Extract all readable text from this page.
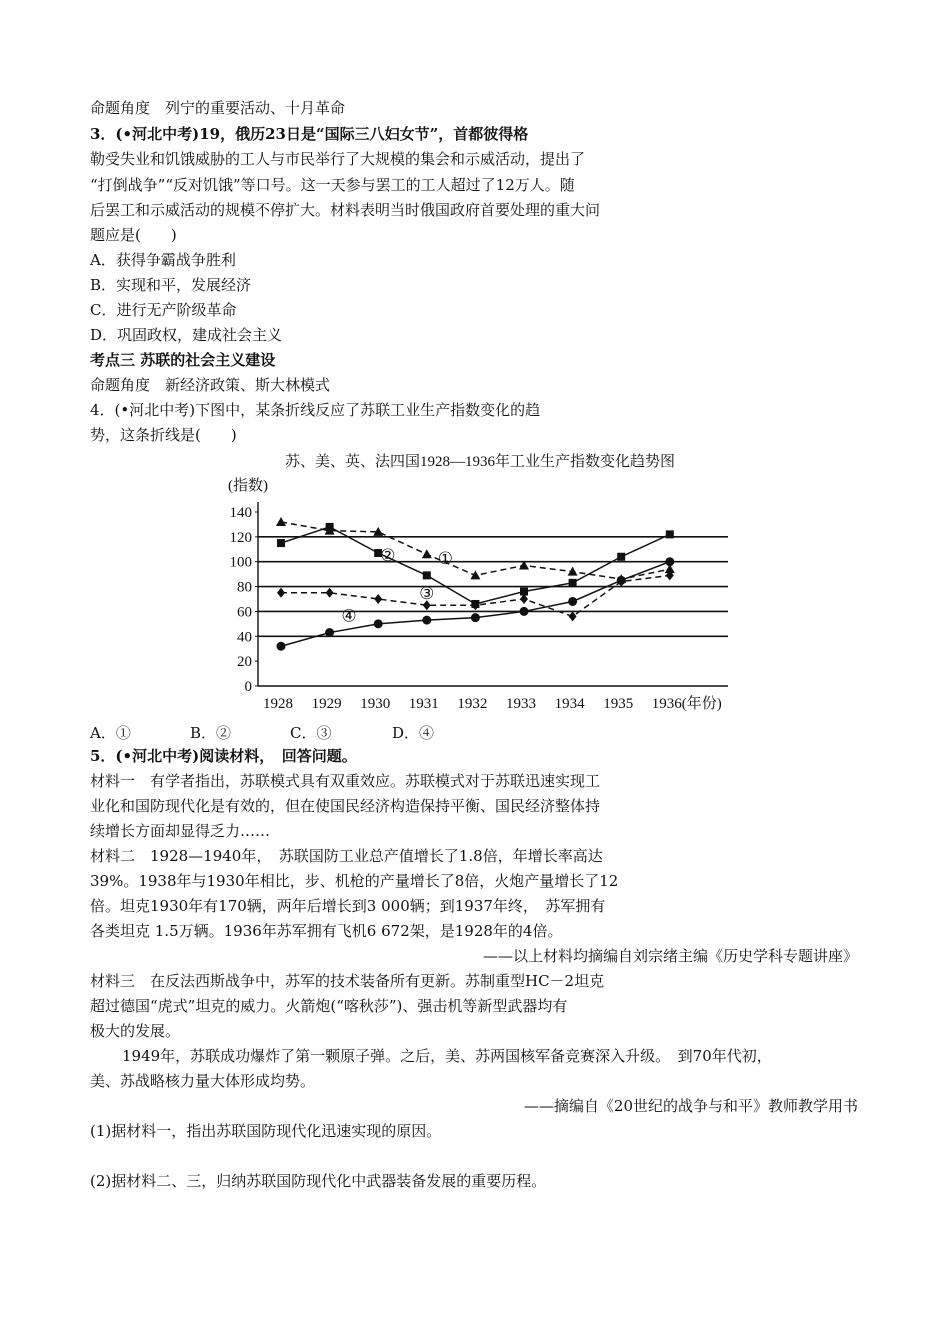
命题角度　列宁的重要活动、十月革命
3．(•河北中考)19，俄历23日是“国际三八妇女节”，首都彼得格
勒受失业和饥饿威胁的工人与市民举行了大规模的集会和示威活动，提出了
“打倒战争”“反对饥饿”等口号。这一天参与罢工的工人超过了12万人。随
后罢工和示威活动的规模不停扩大。材料表明当时俄国政府首要处理的重大问
题应是(　　)
A．获得争霸战争胜利
B．实现和平，发展经济
C．进行无产阶级革命
D．巩固政权，建成社会主义
考点三 苏联的社会主义建设
命题角度　新经济政策、斯大林模式
4．(•河北中考)下图中，某条折线反应了苏联工业生产指数变化的趋
势，这条折线是(　　)
苏、美、英、法四国1928—1936年工业生产指数变化趋势图
(指数)
0
20
40
60
80
100
120
140
1928 1929 1930 1931 1932 1933 1934 1935 1936(年份)
①
②
③
④
A．①	B．②	C．③	D．④
5．(•河北中考)阅读材料，　回答问题。
材料一　有学者指出，苏联模式具有双重效应。苏联模式对于苏联迅速实现工
业化和国防现代化是有效的，但在使国民经济构造保持平衡、国民经济整体持
续增长方面却显得乏力……
材料二　1928—1940年，　苏联国防工业总产值增长了1.8倍，年增长率高达
39%。1938年与1930年相比，步、机枪的产量增长了8倍，火炮产量增长了12
倍。坦克1930年有170辆，两年后增长到3 000辆；到1937年终，　苏军拥有
各类坦克 1.5万辆。1936年苏军拥有飞机6 672架，是1928年的4倍。
——以上材料均摘编自刘宗绪主编《历史学科专题讲座》
材料三　在反法西斯战争中，苏军的技术装备所有更新。苏制重型HC－2坦克
超过德国“虎式”坦克的威力。火箭炮(“喀秋莎”)、强击机等新型武器均有
极大的发展。
1949年，苏联成功爆炸了第一颗原子弹。之后，美、苏两国核军备竞赛深入升级。　到70年代初，
美、苏战略核力量大体形成均势。
——摘编自《20世纪的战争与和平》教师教学用书
(1)据材料一，指出苏联国防现代化迅速实现的原因。
(2)据材料二、三，归纳苏联国防现代化中武器装备发展的重要历程。
